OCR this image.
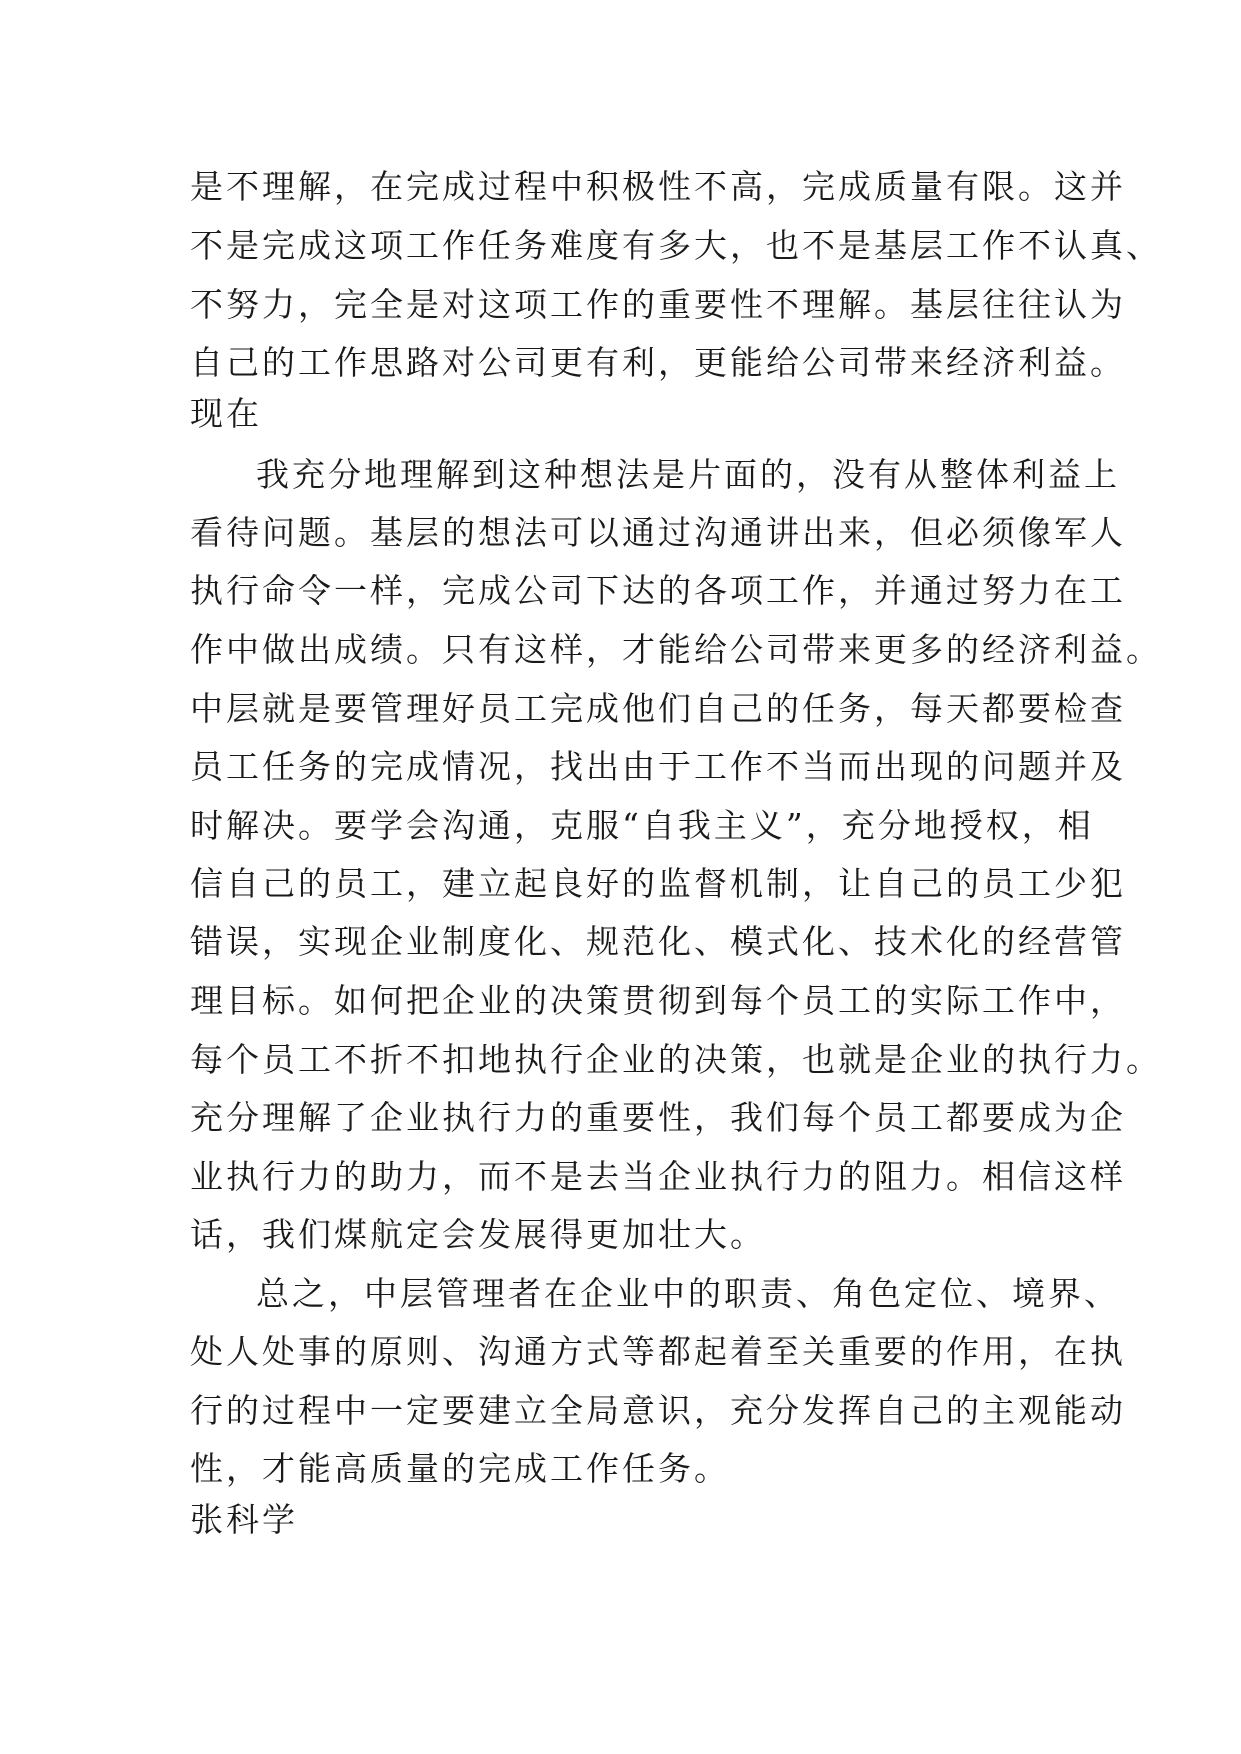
是不理解，在完成过程中积极性不高，完成质量有限。这并
不是完成这项工作任务难度有多大，也不是基层工作不认真、
不努力，完全是对这项工作的重要性不理解。基层往往认为
自己的工作思路对公司更有利，更能给公司带来经济利益。
现在
我充分地理解到这种想法是片面的，没有从整体利益上
看待问题。基层的想法可以通过沟通讲出来，但必须像军人
执行命令一样，完成公司下达的各项工作，并通过努力在工
作中做出成绩。只有这样，才能给公司带来更多的经济利益。
中层就是要管理好员工完成他们自己的任务，每天都要检查
员工任务的完成情况，找出由于工作不当而出现的问题并及
时解决。要学会沟通，克服“自我主义”，充分地授权，相
信自己的员工，建立起良好的监督机制，让自己的员工少犯
错误，实现企业制度化、规范化、模式化、技术化的经营管
理目标。如何把企业的决策贯彻到每个员工的实际工作中，
每个员工不折不扣地执行企业的决策，也就是企业的执行力。
充分理解了企业执行力的重要性，我们每个员工都要成为企
业执行力的助力，而不是去当企业执行力的阻力。相信这样
话，我们煤航定会发展得更加壮大。
总之，中层管理者在企业中的职责、角色定位、境界、
处人处事的原则、沟通方式等都起着至关重要的作用，在执
行的过程中一定要建立全局意识，充分发挥自己的主观能动
性，才能高质量的完成工作任务。
张科学
